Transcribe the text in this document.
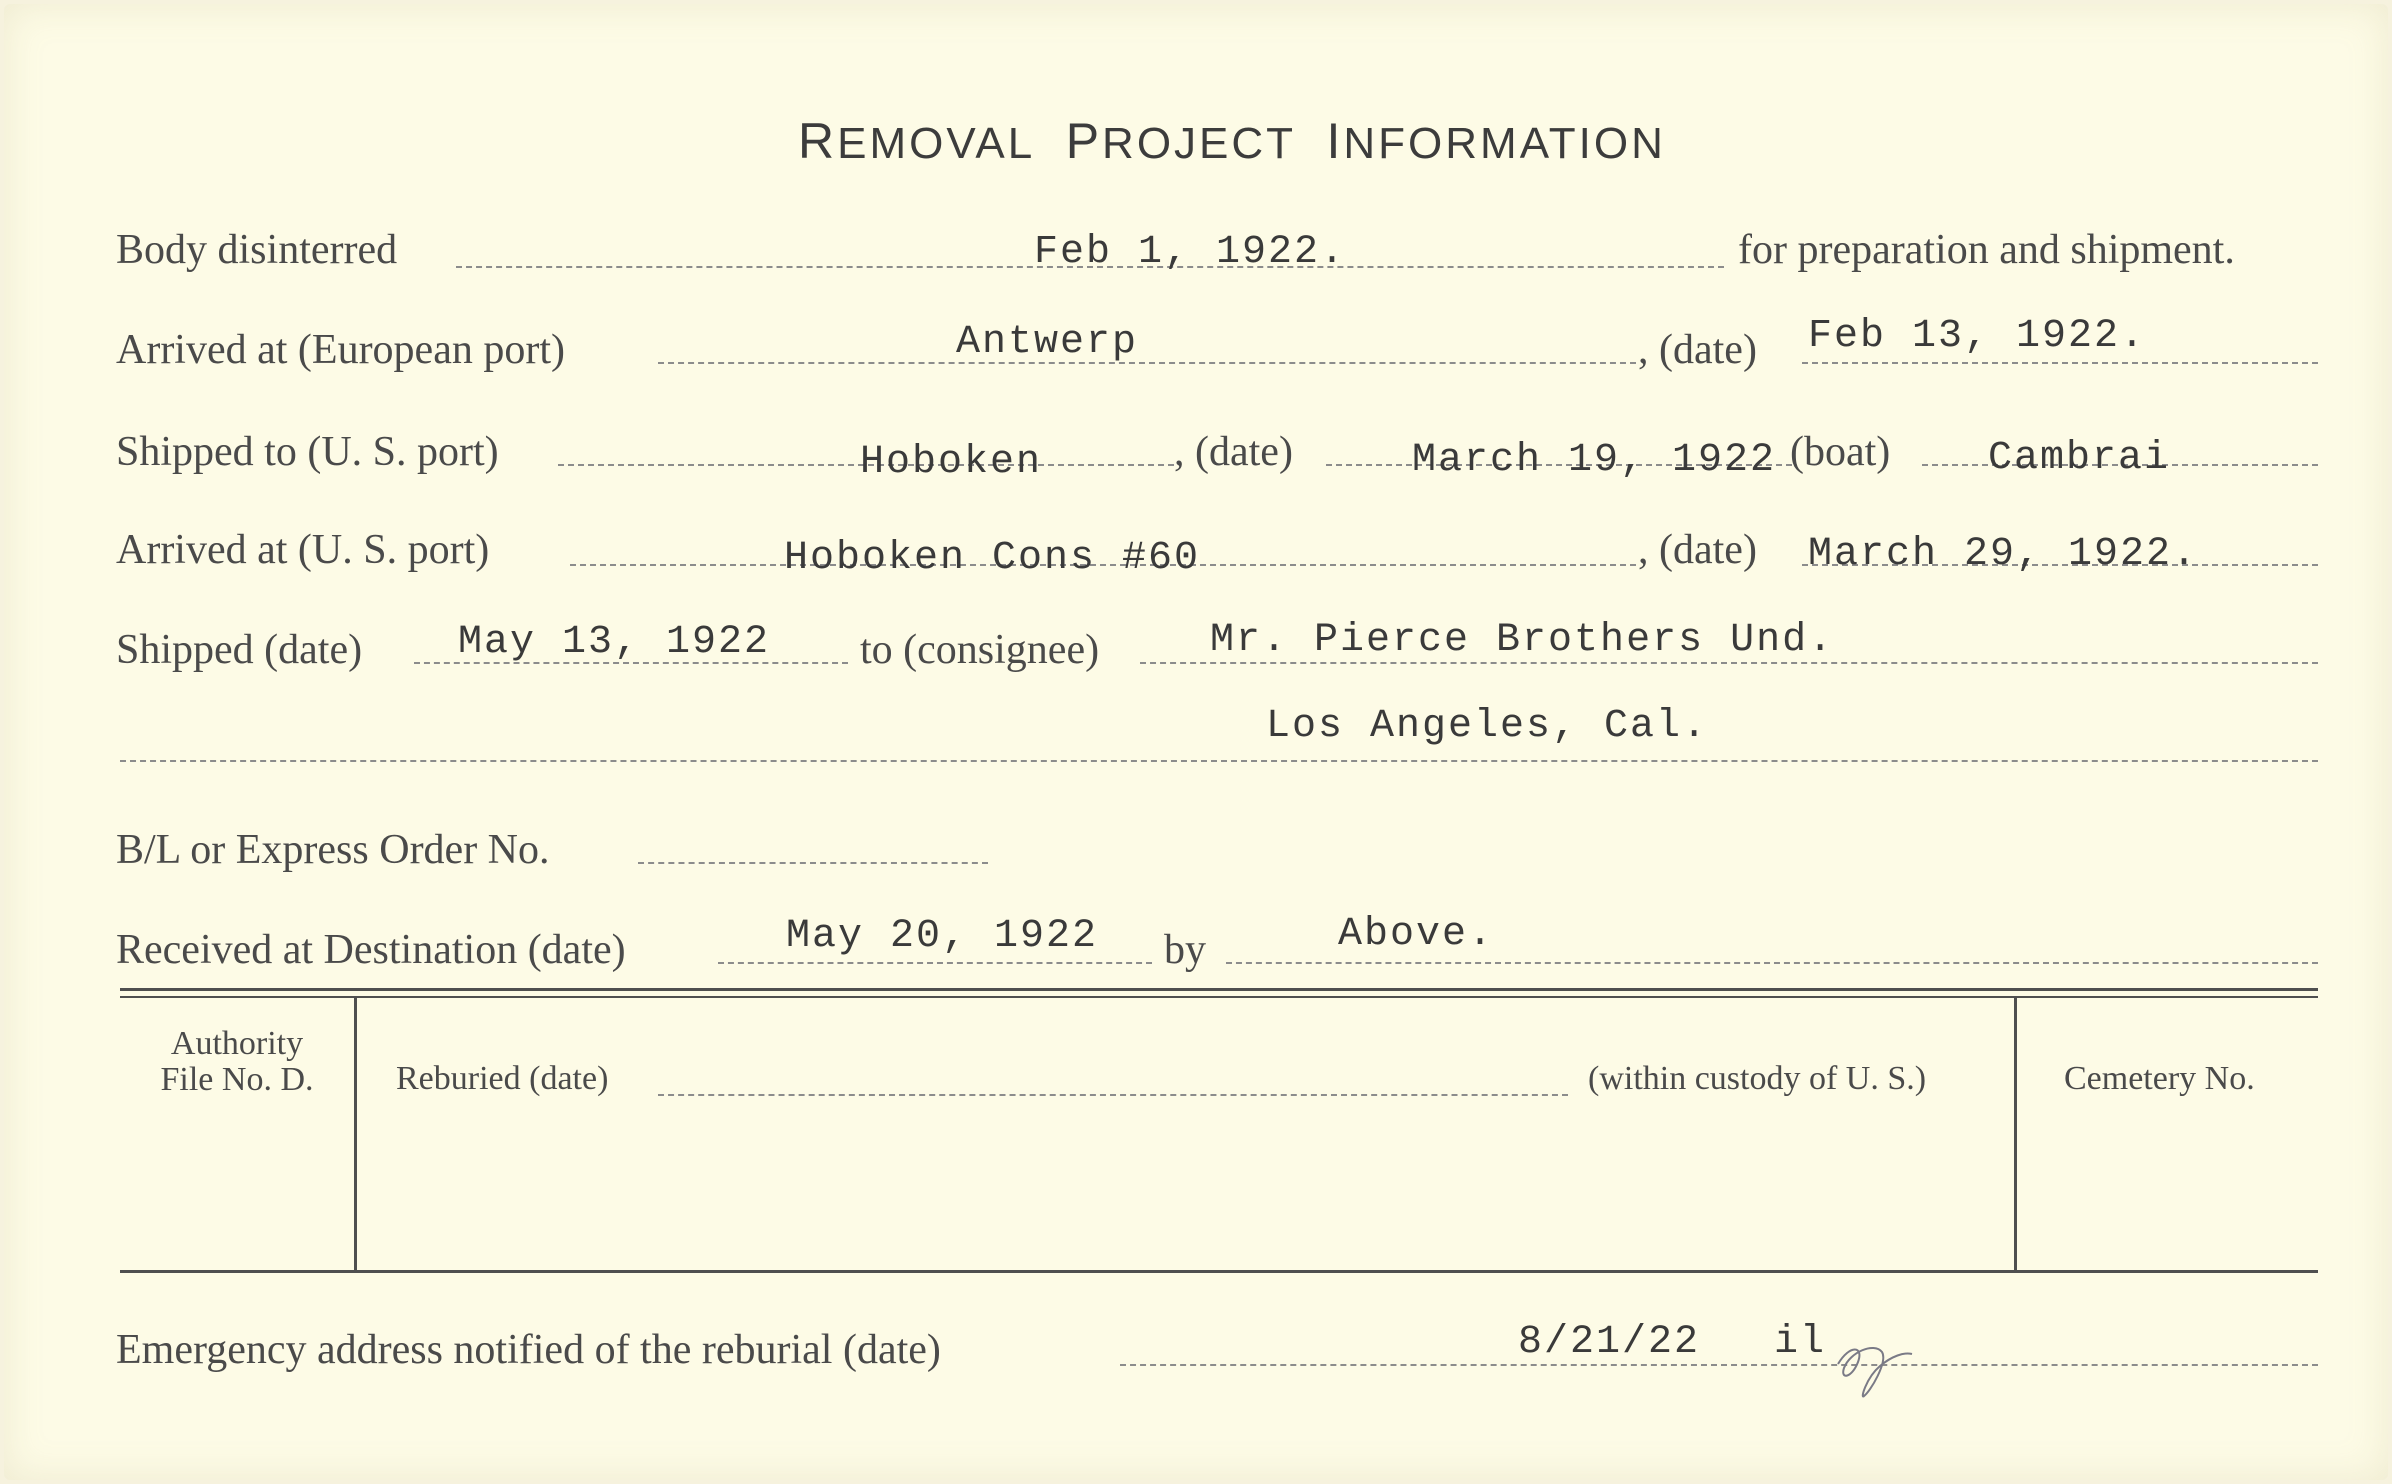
REMOVAL PROJECT INFORMATION
Body disinterred	Feb 1, 1922.	for preparation and shipment.
Arrived at (European port)	Antwerp	, (date) Feb 13, 1922.
Shipped to (U. S. port)	Hoboken	, (date)	March 19, 1922 (boat) Cambrai
Arrived at (U. S. port)	Hoboken Cons #60	, (date) March 29, 1922.
Shipped (date) May 13, 1922 to (consignee)	Mr. Pierce Brothers Und.
Los Angeles, Cal.
B/L or Express Order No.
Received at Destination (date)	May 20, 1922 by	Above.
Authority
File No. D.	Reburied (date)	(within custody of U. S.)	Cemetery No.
Emergency address notified of the reburial (date)	8/21/22 il
